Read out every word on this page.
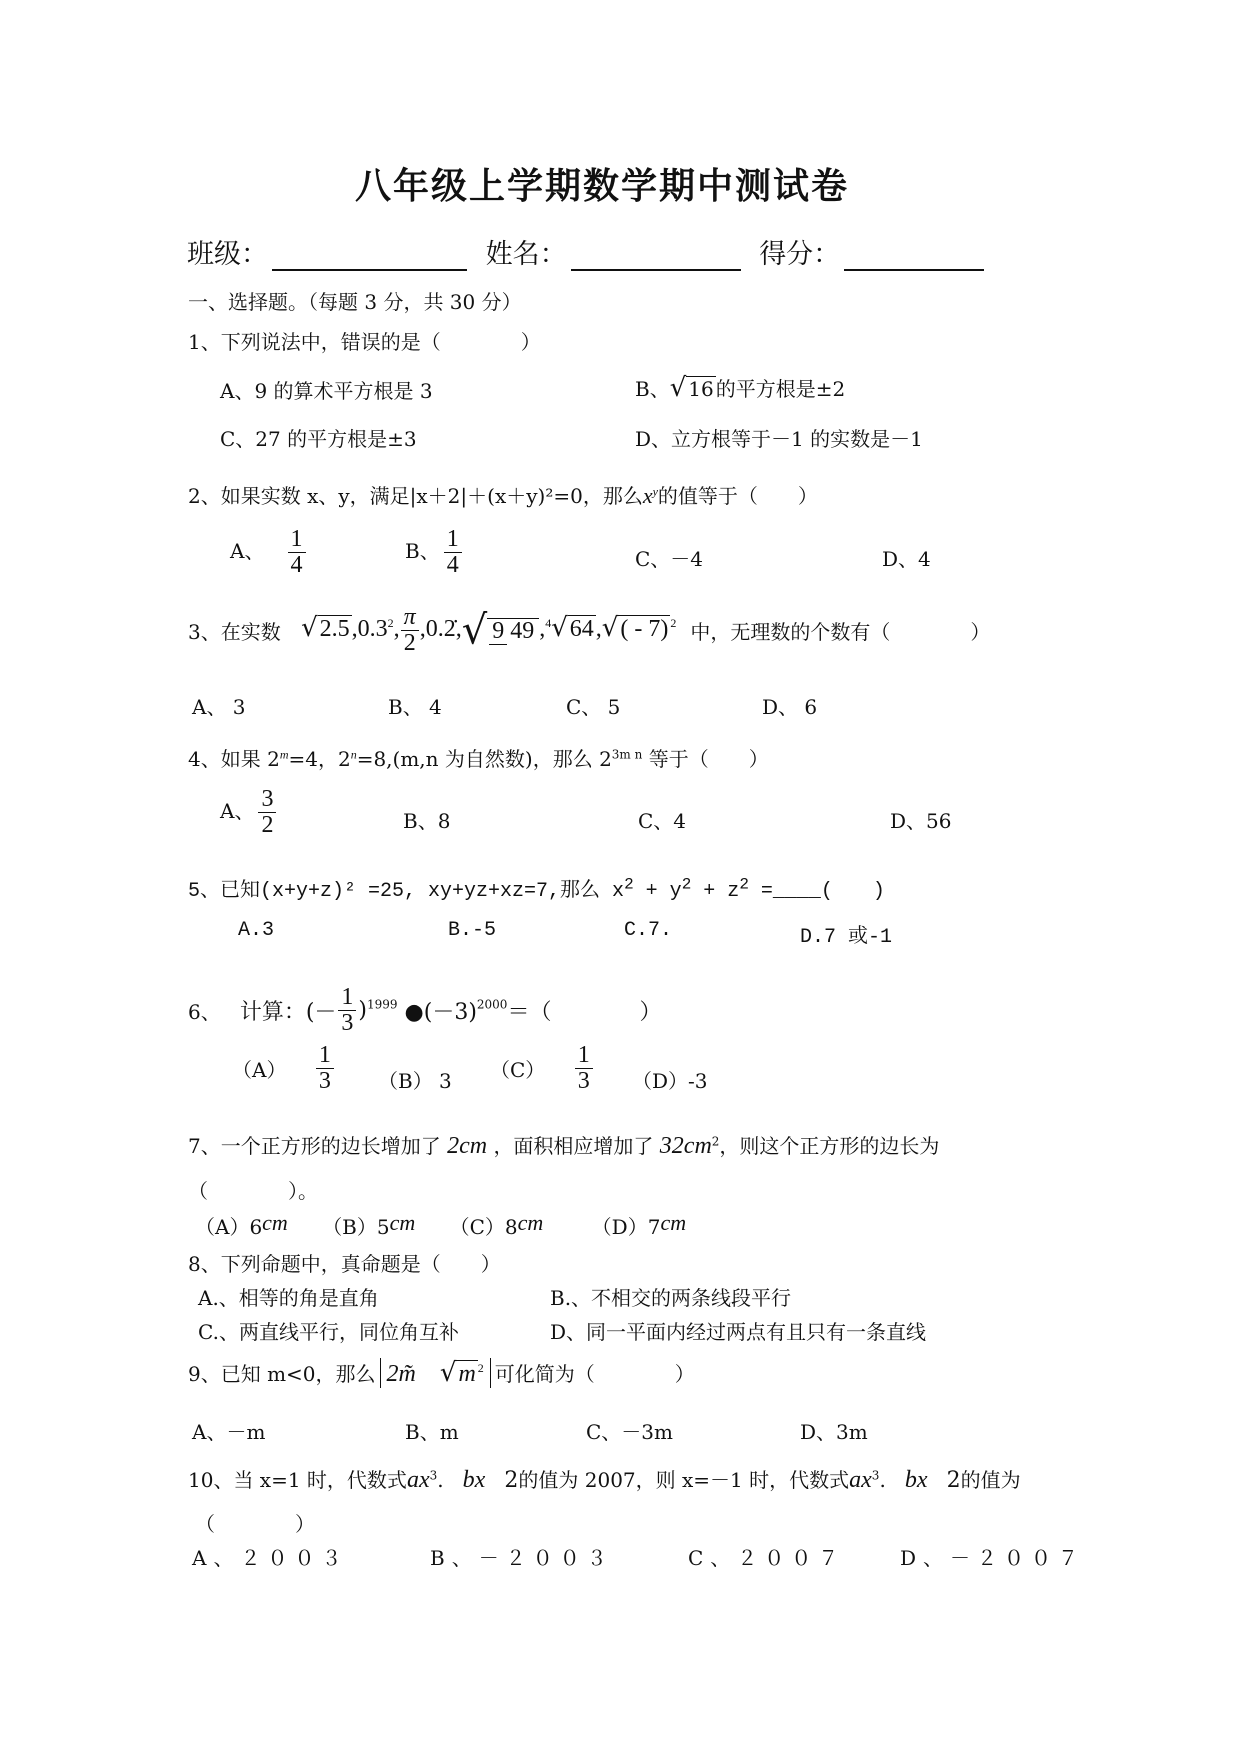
八年级上学期数学期中测试卷
班级：	姓名：	得分：
一、选择题。（每题 3 分，共 30 分）
1、下列说法中，错误的是（　　　　）
A、9 的算术平方根是 3	B、√ 16 的平方根是±2
C、27 的平方根是±3	D、立方根等于－1 的实数是－1
2、如果实数 x、y，满足|x＋2|＋(x＋y)²=0，那么$x^y$的值等于（　　）
A、 $\frac{1}{4}$	B、 $\frac{1}{4}$	C、－4	D、4
3、在实数 √2.5,0.3$^2$, $\frac{\pi}{2}$ ,0.2̇,√ 9 49 ,$^4$√64,√( - 7) $^2$ 中，无理数的个数有（　　　　）
A、 3	B、 4	C、 5	D、 6
4、如果 $2^m=4$，$2^n=8,(m,n$ 为自然数)，那么 $2^{3m n}$ 等于（　　）
A、 $\frac{3}{2}$	B、8	C、4	D、56
5、已知(x+y+z)² =25, xy+yz+xz=7,那么 $x^2 + y^2 + z^2$ =____(　　)
A.3	B.-5	C.7.	D.7 或-1
6、 计算：(－ $\frac{1}{3} )^{1999}$ $●(-3)^{2000}=$（　　　　）
$(A) \frac{1}{3} (B)$ 3 $(C) \frac{1}{3} (D)-3$
7、一个正方形的边长增加了 2cm ，面积相应增加了 $32cm^2$，则这个正方形的边长为
（　　　　）。
（A）6cm （B）5cm （C）8cm （D）7cm
8、下列命题中，真命题是（　　）
A.、相等的角是直角	B.、不相交的两条线段平行
C.、两直线平行，同位角互补	D、同一平面内经过两点有且只有一条直线
9、已知 m<0，那么 2m̃ √m $^2$ 可化简为（　　　　）
A、－m	B、m	C、－3m	D、3m
10、当 x=1 时，代数式$ax^3$. bx 2的值为 2007，则 x=－1 时，代数式$ax^3$. bx 2的值为
（　　　　）
A、２００３	B、－２００３	C、２００７	D、－２００７
